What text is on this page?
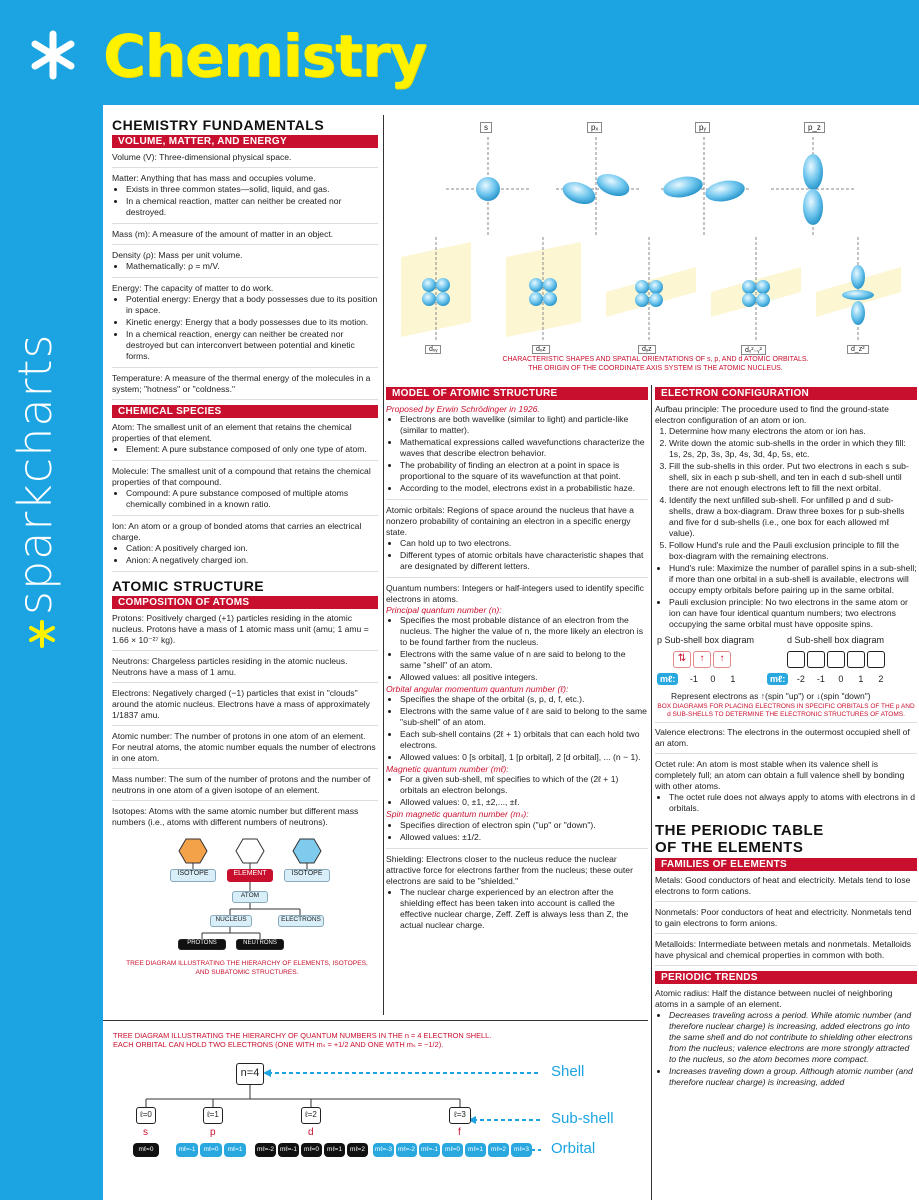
Chemistry
sparkcharts
CHEMISTRY FUNDAMENTALS
VOLUME, MATTER, AND ENERGY

Volume (V): Three-dimensional physical space.

Matter: Anything that has mass and occupies volume.

• Exists in three common states—solid, liquid, and gas.
• In a chemical reaction, matter can neither be created nor destroyed.

Mass (m): A measure of the amount of matter in an object.

Density (ρ): Mass per unit volume.

• Mathematically: ρ = m/V.

Energy: The capacity of matter to do work.

• Potential energy: Energy that a body possesses due to its position in space.
• Kinetic energy: Energy that a body possesses due to its motion.
• In a chemical reaction, energy can neither be created nor destroyed but can interconvert between potential and kinetic forms.

Temperature: A measure of the thermal energy of the molecules in a system; "hotness" or "coldness."

CHEMICAL SPECIES

Atom: The smallest unit of an element that retains the chemical properties of that element.

• Element: A pure substance composed of only one type of atom.

Molecule: The smallest unit of a compound that retains the chemical properties of that compound.

• Compound: A pure substance composed of multiple atoms chemically combined in a known ratio.

Ion: An atom or a group of bonded atoms that carries an electrical charge.

• Cation: A positively charged ion.
• Anion: A negatively charged ion.
ATOMIC STRUCTURE
COMPOSITION OF ATOMS

Protons: Positively charged (+1) particles residing in the atomic nucleus. Protons have a mass of 1 atomic mass unit (amu; 1 amu = 1.66 × 10⁻²⁷ kg).

Neutrons: Chargeless particles residing in the atomic nucleus. Neutrons have a mass of 1 amu.

Electrons: Negatively charged (−1) particles that exist in "clouds" around the atomic nucleus. Electrons have a mass of approximately 1/1837 amu.

Atomic number: The number of protons in one atom of an element. For neutral atoms, the atomic number equals the number of electrons in one atom.

Mass number: The sum of the number of protons and the number of neutrons in one atom of a given isotope of an element.

Isotopes: Atoms with the same atomic number but different mass numbers (i.e., atoms with different numbers of neutrons).

ISOTOPE	ELEMENT	ISOTOPE
ATOM
NUCLEUS	ELECTRONS
PROTONS	NEUTRONS
TREE DIAGRAM ILLUSTRATING THE HIERARCHY OF ELEMENTS, ISOTOPES, AND SUBATOMIC STRUCTURES.
s	pₓ	pᵧ	p_z
dₓᵧ	dₓz	dᵧz	dₓ²₋ᵧ²	d_z²
CHARACTERISTIC SHAPES AND SPATIAL ORIENTATIONS OF s, p, AND d ATOMIC ORBITALS.
THE ORIGIN OF THE COORDINATE AXIS SYSTEM IS THE ATOMIC NUCLEUS.
MODEL OF ATOMIC STRUCTURE
Proposed by Erwin Schrödinger in 1926.
• Electrons are both wavelike (similar to light) and particle-like (similar to matter).
• Mathematical expressions called wavefunctions characterize the waves that describe electron behavior.
• The probability of finding an electron at a point in space is proportional to the square of its wavefunction at that point.
• According to the model, electrons exist in a probabilistic haze.

Atomic orbitals: Regions of space around the nucleus that have a nonzero probability of containing an electron in a specific energy state.

• Can hold up to two electrons.
• Different types of atomic orbitals have characteristic shapes that are designated by different letters.

Quantum numbers: Integers or half-integers used to identify specific electrons in atoms.

Principal quantum number (n):
• Specifies the most probable distance of an electron from the nucleus. The higher the value of n, the more likely an electron is to be found farther from the nucleus.
• Electrons with the same value of n are said to belong to the same "shell" of an atom.
• Allowed values: all positive integers.
Orbital angular momentum quantum number (ℓ):
• Specifies the shape of the orbital (s, p, d, f, etc.).
• Electrons with the same value of ℓ are said to belong to the same "sub-shell" of an atom.
• Each sub-shell contains (2ℓ + 1) orbitals that can each hold two electrons.
• Allowed values: 0 [s orbital], 1 [p orbital], 2 [d orbital], ... (n − 1).
Magnetic quantum number (mℓ):
• For a given sub-shell, mℓ specifies to which of the (2ℓ + 1) orbitals an electron belongs.
• Allowed values: 0, ±1, ±2,..., ±ℓ.
Spin magnetic quantum number (mₛ):
• Specifies direction of electron spin ("up" or "down").
• Allowed values: ±1/2.

Shielding: Electrons closer to the nucleus reduce the nuclear attractive force for electrons farther from the nucleus; these outer electrons are said to be "shielded."

• The nuclear charge experienced by an electron after the shielding effect has been taken into account is called the effective nuclear charge, Zeff. Zeff is always less than Z, the actual nuclear charge.
ELECTRON CONFIGURATION

Aufbau principle: The procedure used to find the ground-state electron configuration of an atom or ion.

1. Determine how many electrons the atom or ion has.
2. Write down the atomic sub-shells in the order in which they fill: 1s, 2s, 2p, 3s, 3p, 4s, 3d, 4p, 5s, etc.
3. Fill the sub-shells in this order. Put two electrons in each s sub-shell, six in each p sub-shell, and ten in each d sub-shell until there are not enough electrons left to fill the next orbital.
4. Identify the next unfilled sub-shell. For unfilled p and d sub-shells, draw a box-diagram. Draw three boxes for p sub-shells and five for d sub-shells (i.e., one box for each allowed mℓ value).
5. Follow Hund's rule and the Pauli exclusion principle to fill the box-diagram with the remaining electrons.
• Hund's rule: Maximize the number of parallel spins in a sub-shell; if more than one orbital in a sub-shell is available, electrons will occupy empty orbitals before pairing up in the same orbital.
• Pauli exclusion principle: No two electrons in the same atom or ion can have four identical quantum numbers; two electrons occupying the same orbital must have opposite spins.
p Sub-shell box diagram	d Sub-shell box diagram
⇅ ↑ ↑
mℓ: -1 0 1	mℓ: -2 -1 0 1 2
Represent electrons as ↑(spin "up") or ↓(spin "down")
BOX DIAGRAMS FOR PLACING ELECTRONS IN SPECIFIC ORBITALS OF THE p AND d SUB-SHELLS TO DETERMINE THE ELECTRONIC STRUCTURES OF ATOMS.

Valence electrons: The electrons in the outermost occupied shell of an atom.

Octet rule: An atom is most stable when its valence shell is completely full; an atom can obtain a full valence shell by bonding with other atoms.

• The octet rule does not always apply to atoms with electrons in d orbitals.
THE PERIODIC TABLE
OF THE ELEMENTS
FAMILIES OF ELEMENTS

Metals: Good conductors of heat and electricity. Metals tend to lose electrons to form cations.

Nonmetals: Poor conductors of heat and electricity. Nonmetals tend to gain electrons to form anions.

Metalloids: Intermediate between metals and nonmetals. Metalloids have physical and chemical properties in common with both.

PERIODIC TRENDS

Atomic radius: Half the distance between nuclei of neighboring atoms in a sample of an element.

• Decreases traveling across a period. While atomic number (and therefore nuclear charge) is increasing, added electrons go into the same shell and do not contribute to shielding other electrons from the nucleus; valence electrons are more strongly attracted to the nucleus, so the atom becomes more compact.
• Increases traveling down a group. Although atomic number (and therefore nuclear charge) is increasing, added
TREE DIAGRAM ILLUSTRATING THE HIERARCHY OF QUANTUM NUMBERS IN THE n = 4 ELECTRON SHELL.
EACH ORBITAL CAN HOLD TWO ELECTRONS (ONE WITH mₛ = +1/2 AND ONE WITH mₛ = −1/2).
n=4
ℓ=0	ℓ=1	ℓ=2	ℓ=3
s	p	d	f
mℓ=0	mℓ=-1	mℓ=0	mℓ=1	mℓ=-2 mℓ=-1	mℓ=0	mℓ=1	mℓ=2	mℓ=-3 mℓ=-2 mℓ=-1	mℓ=0	mℓ=1	mℓ=2	mℓ=3
Shell
Sub-shell
Orbital
